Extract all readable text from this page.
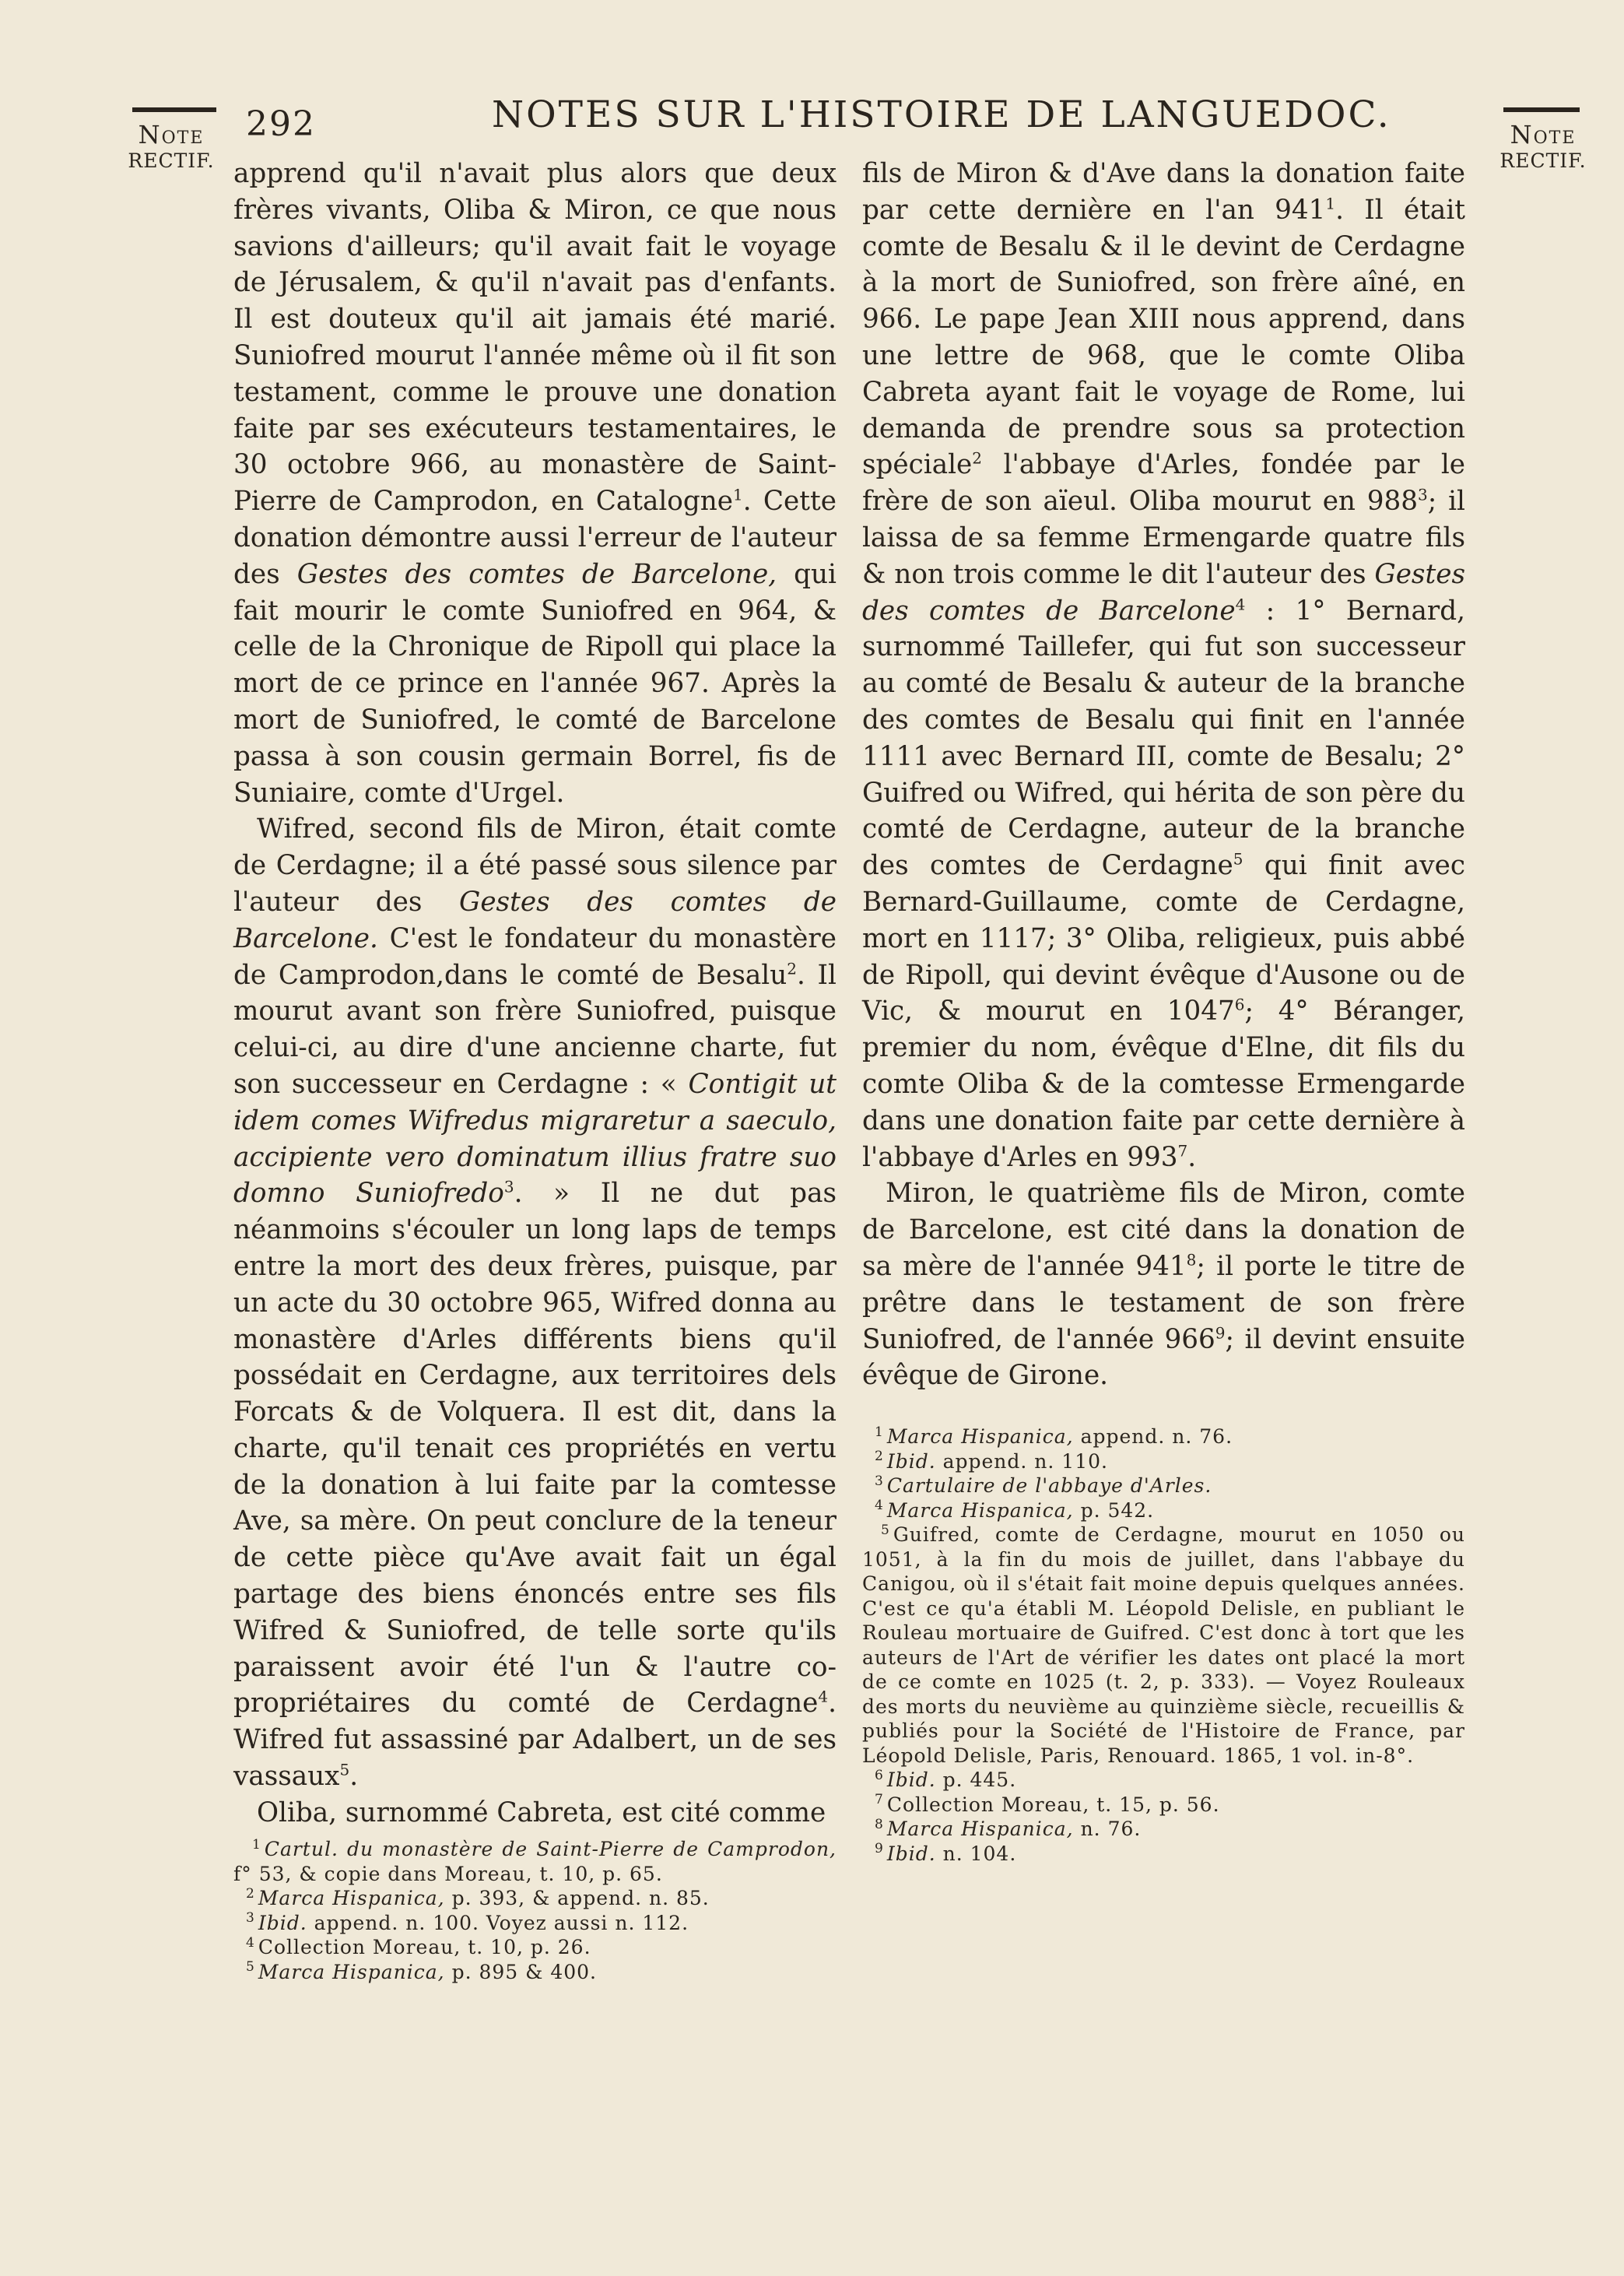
Note
RECTIF.
Note
RECTIF.
292	NOTES SUR L'HISTOIRE DE LANGUEDOC.

apprend qu'il n'avait plus alors que deux frères vivants, Oliba & Miron, ce que nous savions d'ailleurs; qu'il avait fait le voyage de Jérusalem, & qu'il n'avait pas d'enfants. Il est douteux qu'il ait jamais été marié. Suniofred mourut l'année même où il fit son testament, comme le prouve une donation faite par ses exécuteurs testamentaires, le 30 octobre 966, au monastère de Saint-Pierre de Camprodon, en Catalogne$^1$. Cette donation démontre aussi l'erreur de l'auteur des Gestes des comtes de Barcelone, qui fait mourir le comte Suniofred en 964, & celle de la Chronique de Ripoll qui place la mort de ce prince en l'année 967. Après la mort de Suniofred, le comté de Barcelone passa à son cousin germain Borrel, fis de Suniaire, comte d'Urgel.

Wifred, second fils de Miron, était comte de Cerdagne; il a été passé sous silence par l'auteur des Gestes des comtes de Barcelone. C'est le fondateur du monastère de Camprodon,dans le comté de Besalu$^2$. Il mourut avant son frère Suniofred, puisque celui-ci, au dire d'une ancienne charte, fut son successeur en Cerdagne : « Contigit ut idem comes Wifredus migraretur a saeculo, accipiente vero dominatum illius fratre suo domno Suniofredo$^3$. » Il ne dut pas néanmoins s'écouler un long laps de temps entre la mort des deux frères, puisque, par un acte du 30 octobre 965, Wifred donna au monastère d'Arles différents biens qu'il possédait en Cerdagne, aux territoires dels Forcats & de Volquera. Il est dit, dans la charte, qu'il tenait ces propriétés en vertu de la donation à lui faite par la comtesse Ave, sa mère. On peut conclure de la teneur de cette pièce qu'Ave avait fait un égal partage des biens énoncés entre ses fils Wifred & Suniofred, de telle sorte qu'ils paraissent avoir été l'un & l'autre co-propriétaires du comté de Cerdagne$^4$. Wifred fut assassiné par Adalbert, un de ses vassaux$^5$.

Oliba, surnommé Cabreta, est cité comme

fils de Miron & d'Ave dans la donation faite par cette dernière en l'an 941$^1$. Il était comte de Besalu & il le devint de Cerdagne à la mort de Suniofred, son frère aîné, en 966. Le pape Jean XIII nous apprend, dans une lettre de 968, que le comte Oliba Cabreta ayant fait le voyage de Rome, lui demanda de prendre sous sa protection spéciale$^2$ l'abbaye d'Arles, fondée par le frère de son aïeul. Oliba mourut en 988$^3$; il laissa de sa femme Ermengarde quatre fils & non trois comme le dit l'auteur des Gestes des comtes de Barcelone$^4$ : 1° Bernard, surnommé Taillefer, qui fut son successeur au comté de Besalu & auteur de la branche des comtes de Besalu qui finit en l'année 1111 avec Bernard III, comte de Besalu; 2° Guifred ou Wifred, qui hérita de son père du comté de Cerdagne, auteur de la branche des comtes de Cerdagne$^5$ qui finit avec Bernard-Guillaume, comte de Cerdagne, mort en 1117; 3° Oliba, religieux, puis abbé de Ripoll, qui devint évêque d'Ausone ou de Vic, & mourut en 1047$^6$; 4° Béranger, premier du nom, évêque d'Elne, dit fils du comte Oliba & de la comtesse Ermengarde dans une donation faite par cette dernière à l'abbaye d'Arles en 993$^7$.

Miron, le quatrième fils de Miron, comte de Barcelone, est cité dans la donation de sa mère de l'année 941$^8$; il porte le titre de prêtre dans le testament de son frère Suniofred, de l'année 966$^9$; il devint ensuite évêque de Girone.

$^1$ Cartul. du monastère de Saint-Pierre de Camprodon, f° 53, & copie dans Moreau, t. 10, p. 65.

$^2$ Marca Hispanica, p. 393, & append. n. 85.

$^3$ Ibid. append. n. 100. Voyez aussi n. 112.

$^4$ Collection Moreau, t. 10, p. 26.

$^5$ Marca Hispanica, p. 895 & 400.

$^1$ Marca Hispanica, append. n. 76.

$^2$ Ibid. append. n. 110.

$^3$ Cartulaire de l'abbaye d'Arles.

$^4$ Marca Hispanica, p. 542.

$^5$ Guifred, comte de Cerdagne, mourut en 1050 ou 1051, à la fin du mois de juillet, dans l'abbaye du Canigou, où il s'était fait moine depuis quelques années. C'est ce qu'a établi M. Léopold Delisle, en publiant le Rouleau mortuaire de Guifred. C'est donc à tort que les auteurs de l'Art de vérifier les dates ont placé la mort de ce comte en 1025 (t. 2, p. 333). — Voyez Rouleaux des morts du neuvième au quinzième siècle, recueillis & publiés pour la Société de l'Histoire de France, par Léopold Delisle, Paris, Renouard. 1865, 1 vol. in-8°.

$^6$ Ibid. p. 445.

$^7$ Collection Moreau, t. 15, p. 56.

$^8$ Marca Hispanica, n. 76.

$^9$ Ibid. n. 104.
